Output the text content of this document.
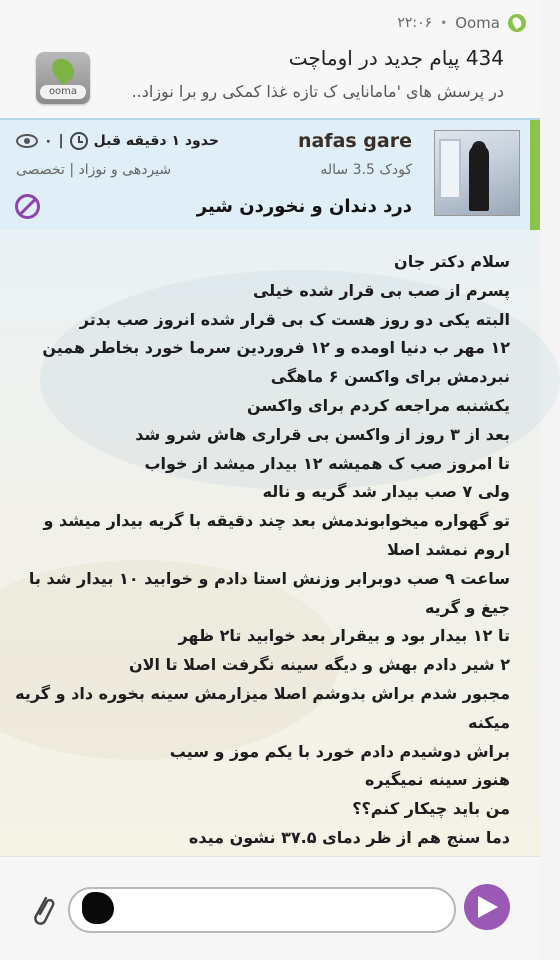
Ooma
•
۲۲:۰۶
ooma
434 پیام جدید در اوماچت
در پرسش های 'مامانایی ک تازه غذا کمکی رو برا نوزاد..
nafas gare
کودک 3.5 ساله
درد دندان و نخوردن شیر
۰ | حدود ۱ دقیقه قبل
شیردهی و نوزاد | تخصصی
سلام دکتر جان
پسرم از صب بی قرار شده خیلی
البته یکی دو روز هست ک بی قرار شده انروز صب بدتر
۱۲ مهر ب دنیا اومده و ۱۲ فروردین سرما خورد بخاطر همین نبردمش برای واکسن ۶ ماهگی
یکشنبه مراجعه کردم برای واکسن
بعد از ۳ روز از واکسن بی قراری هاش شرو شد
تا امروز صب ک همیشه ۱۲ بیدار میشد از خواب
ولی ۷ صب بیدار شد گریه و ناله
تو گهواره میخوابوندمش بعد چند دقیقه با گریه بیدار میشد و اروم نمشد اصلا
ساعت ۹ صب دوبرابر وزنش استا دادم و خوابید ۱۰ بیدار شد با جیغ و گریه
تا ۱۲ بیدار بود و بیقرار بعد خوابید تا۲ ظهر
۲ شیر دادم بهش و دیگه سینه نگرفت اصلا تا الان
مجبور شدم براش بدوشم اصلا میزارمش سینه بخوره داد و گریه میکنه
براش دوشیدم دادم خورد با یکم موز و سیب
هنوز سینه نمیگیره
من باید چیکار کنم؟؟
دما سنج هم از ظر دمای ۳۷.۵ نشون میده
